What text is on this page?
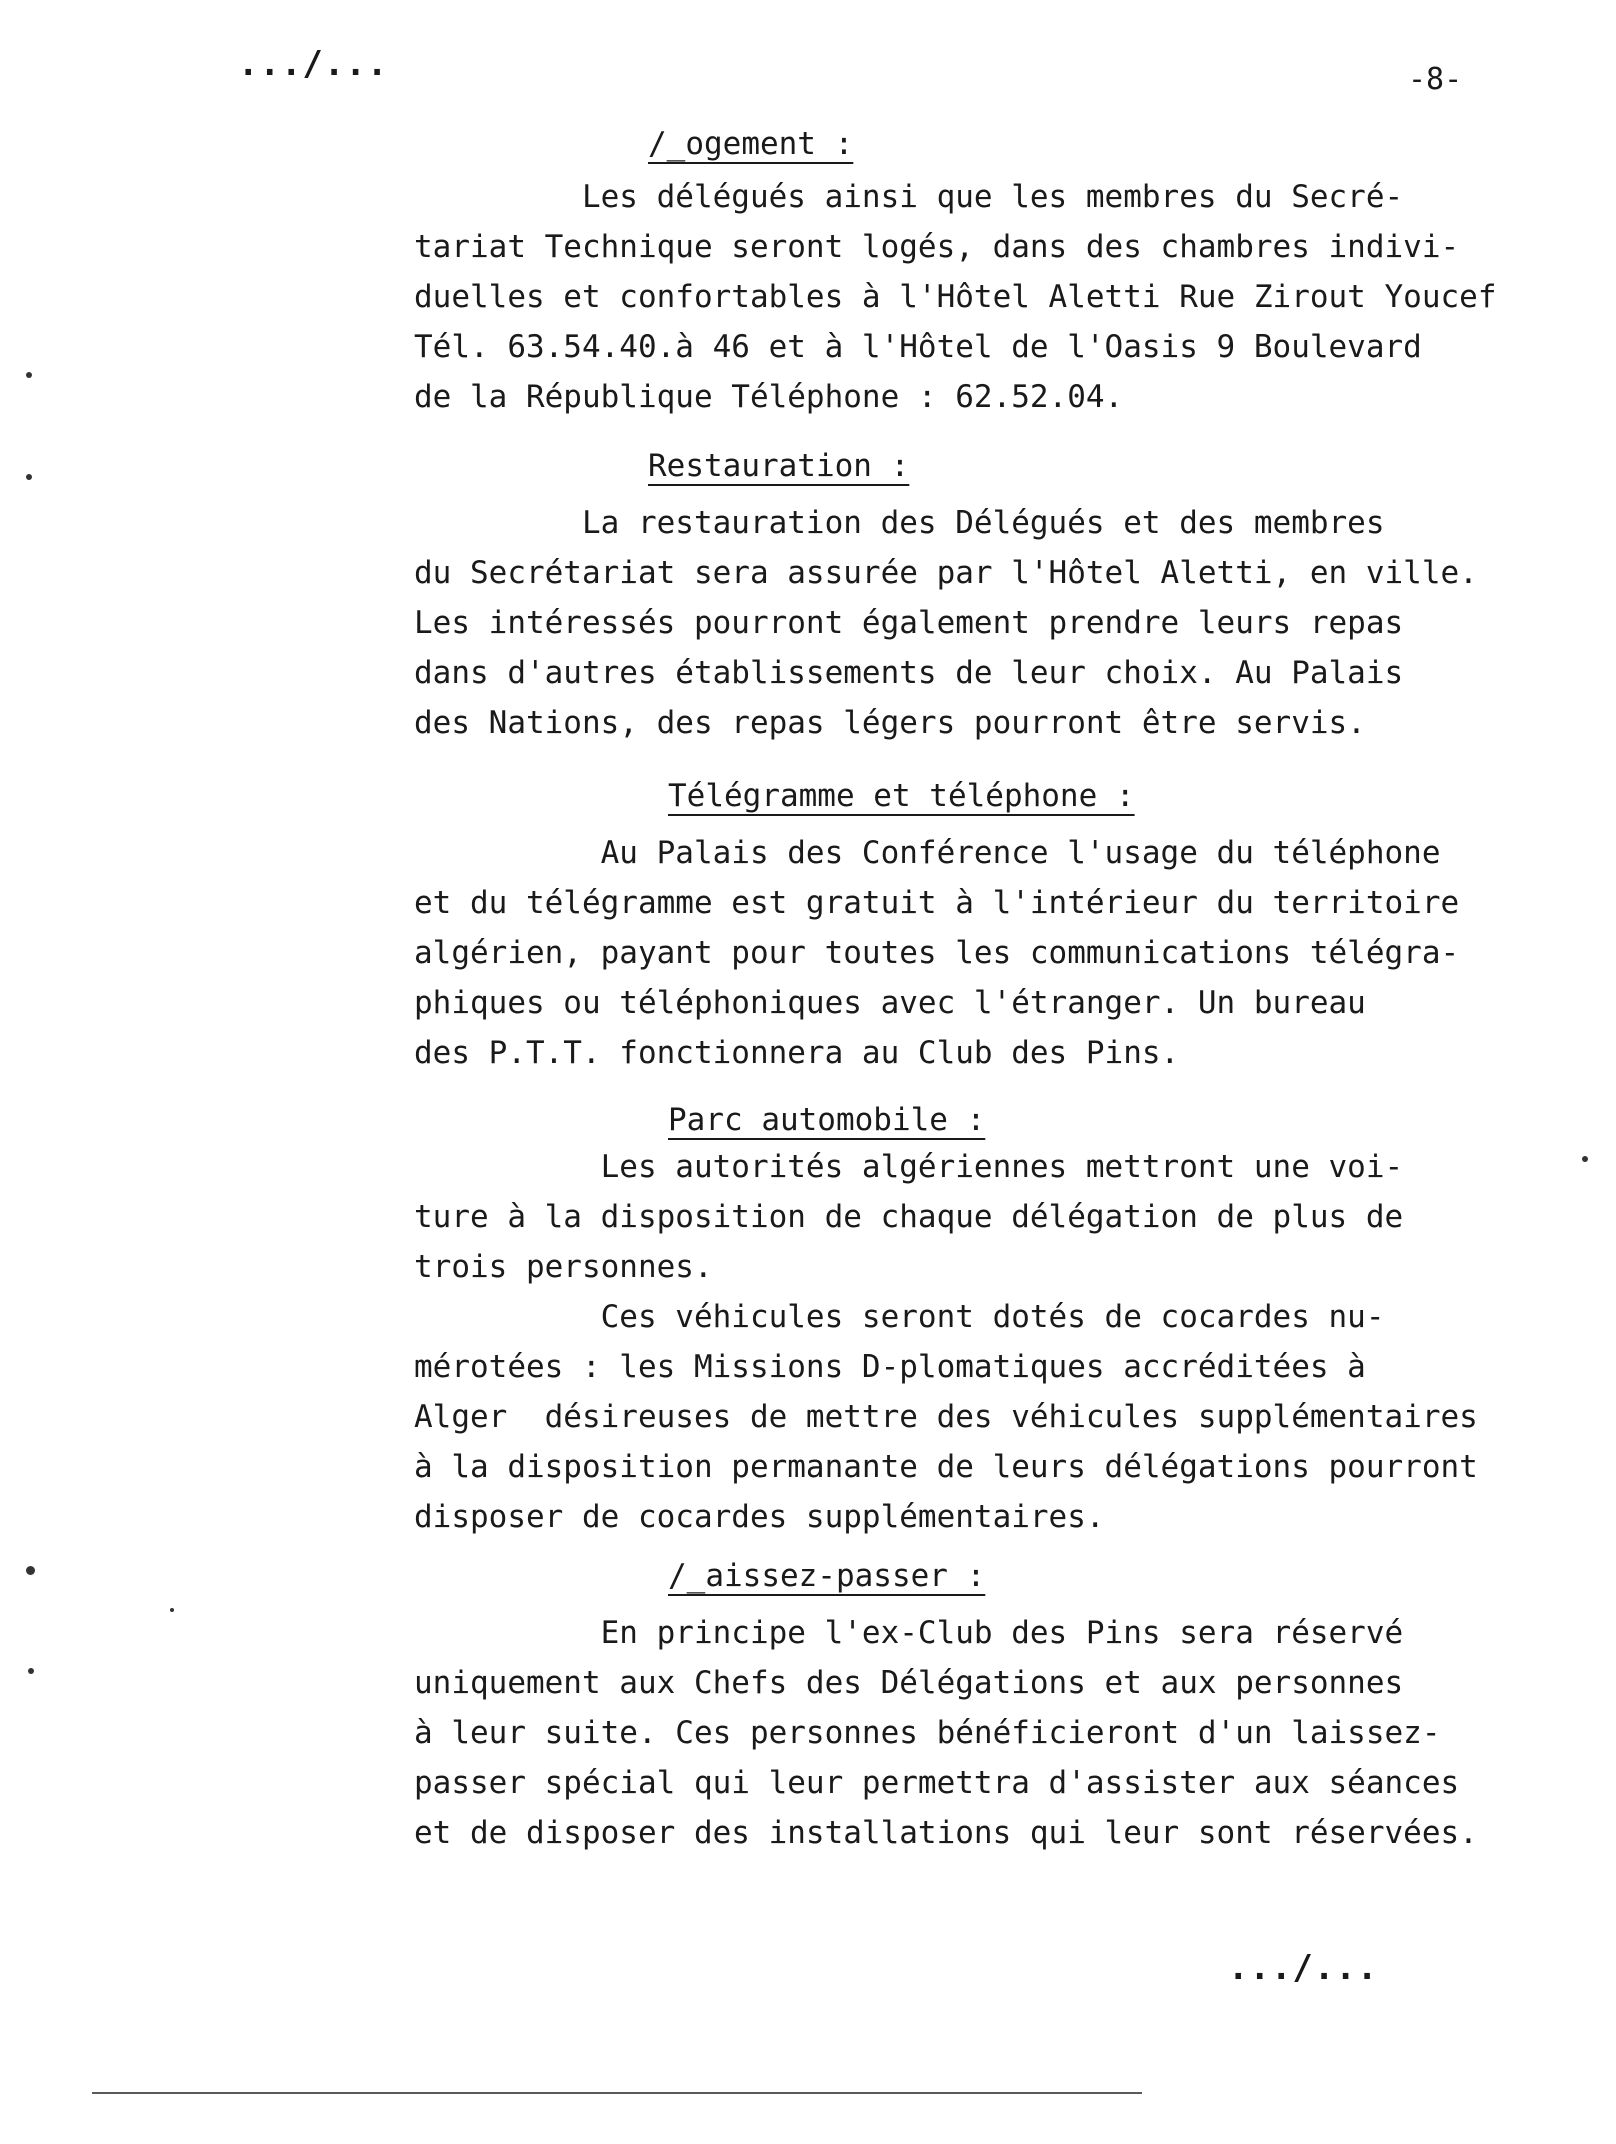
.../...	-8-
/_ogement :
Les délégués ainsi que les membres du Secré-
tariat Technique seront logés, dans des chambres indivi-
duelles et confortables à l'Hôtel Aletti Rue Zirout Youcef
Tél. 63.54.40.à 46 et à l'Hôtel de l'Oasis 9 Boulevard
de la République Téléphone : 62.52.04.
Restauration :
La restauration des Délégués et des membres
du Secrétariat sera assurée par l'Hôtel Aletti, en ville.
Les intéressés pourront également prendre leurs repas
dans d'autres établissements de leur choix. Au Palais
des Nations, des repas légers pourront être servis.
Télégramme et téléphone :
Au Palais des Conférence l'usage du téléphone
et du télégramme est gratuit à l'intérieur du territoire
algérien, payant pour toutes les communications télégra-
phiques ou téléphoniques avec l'étranger. Un bureau
des P.T.T. fonctionnera au Club des Pins.
Parc automobile :
Les autorités algériennes mettront une voi-
ture à la disposition de chaque délégation de plus de
trois personnes.
Ces véhicules seront dotés de cocardes nu-
mérotées : les Missions D-plomatiques accréditées à
Alger  désireuses de mettre des véhicules supplémentaires
à la disposition permanante de leurs délégations pourront
disposer de cocardes supplémentaires.
/_aissez-passer :
En principe l'ex-Club des Pins sera réservé
uniquement aux Chefs des Délégations et aux personnes
à leur suite. Ces personnes bénéficieront d'un laissez-
passer spécial qui leur permettra d'assister aux séances
et de disposer des installations qui leur sont réservées.
.../...
